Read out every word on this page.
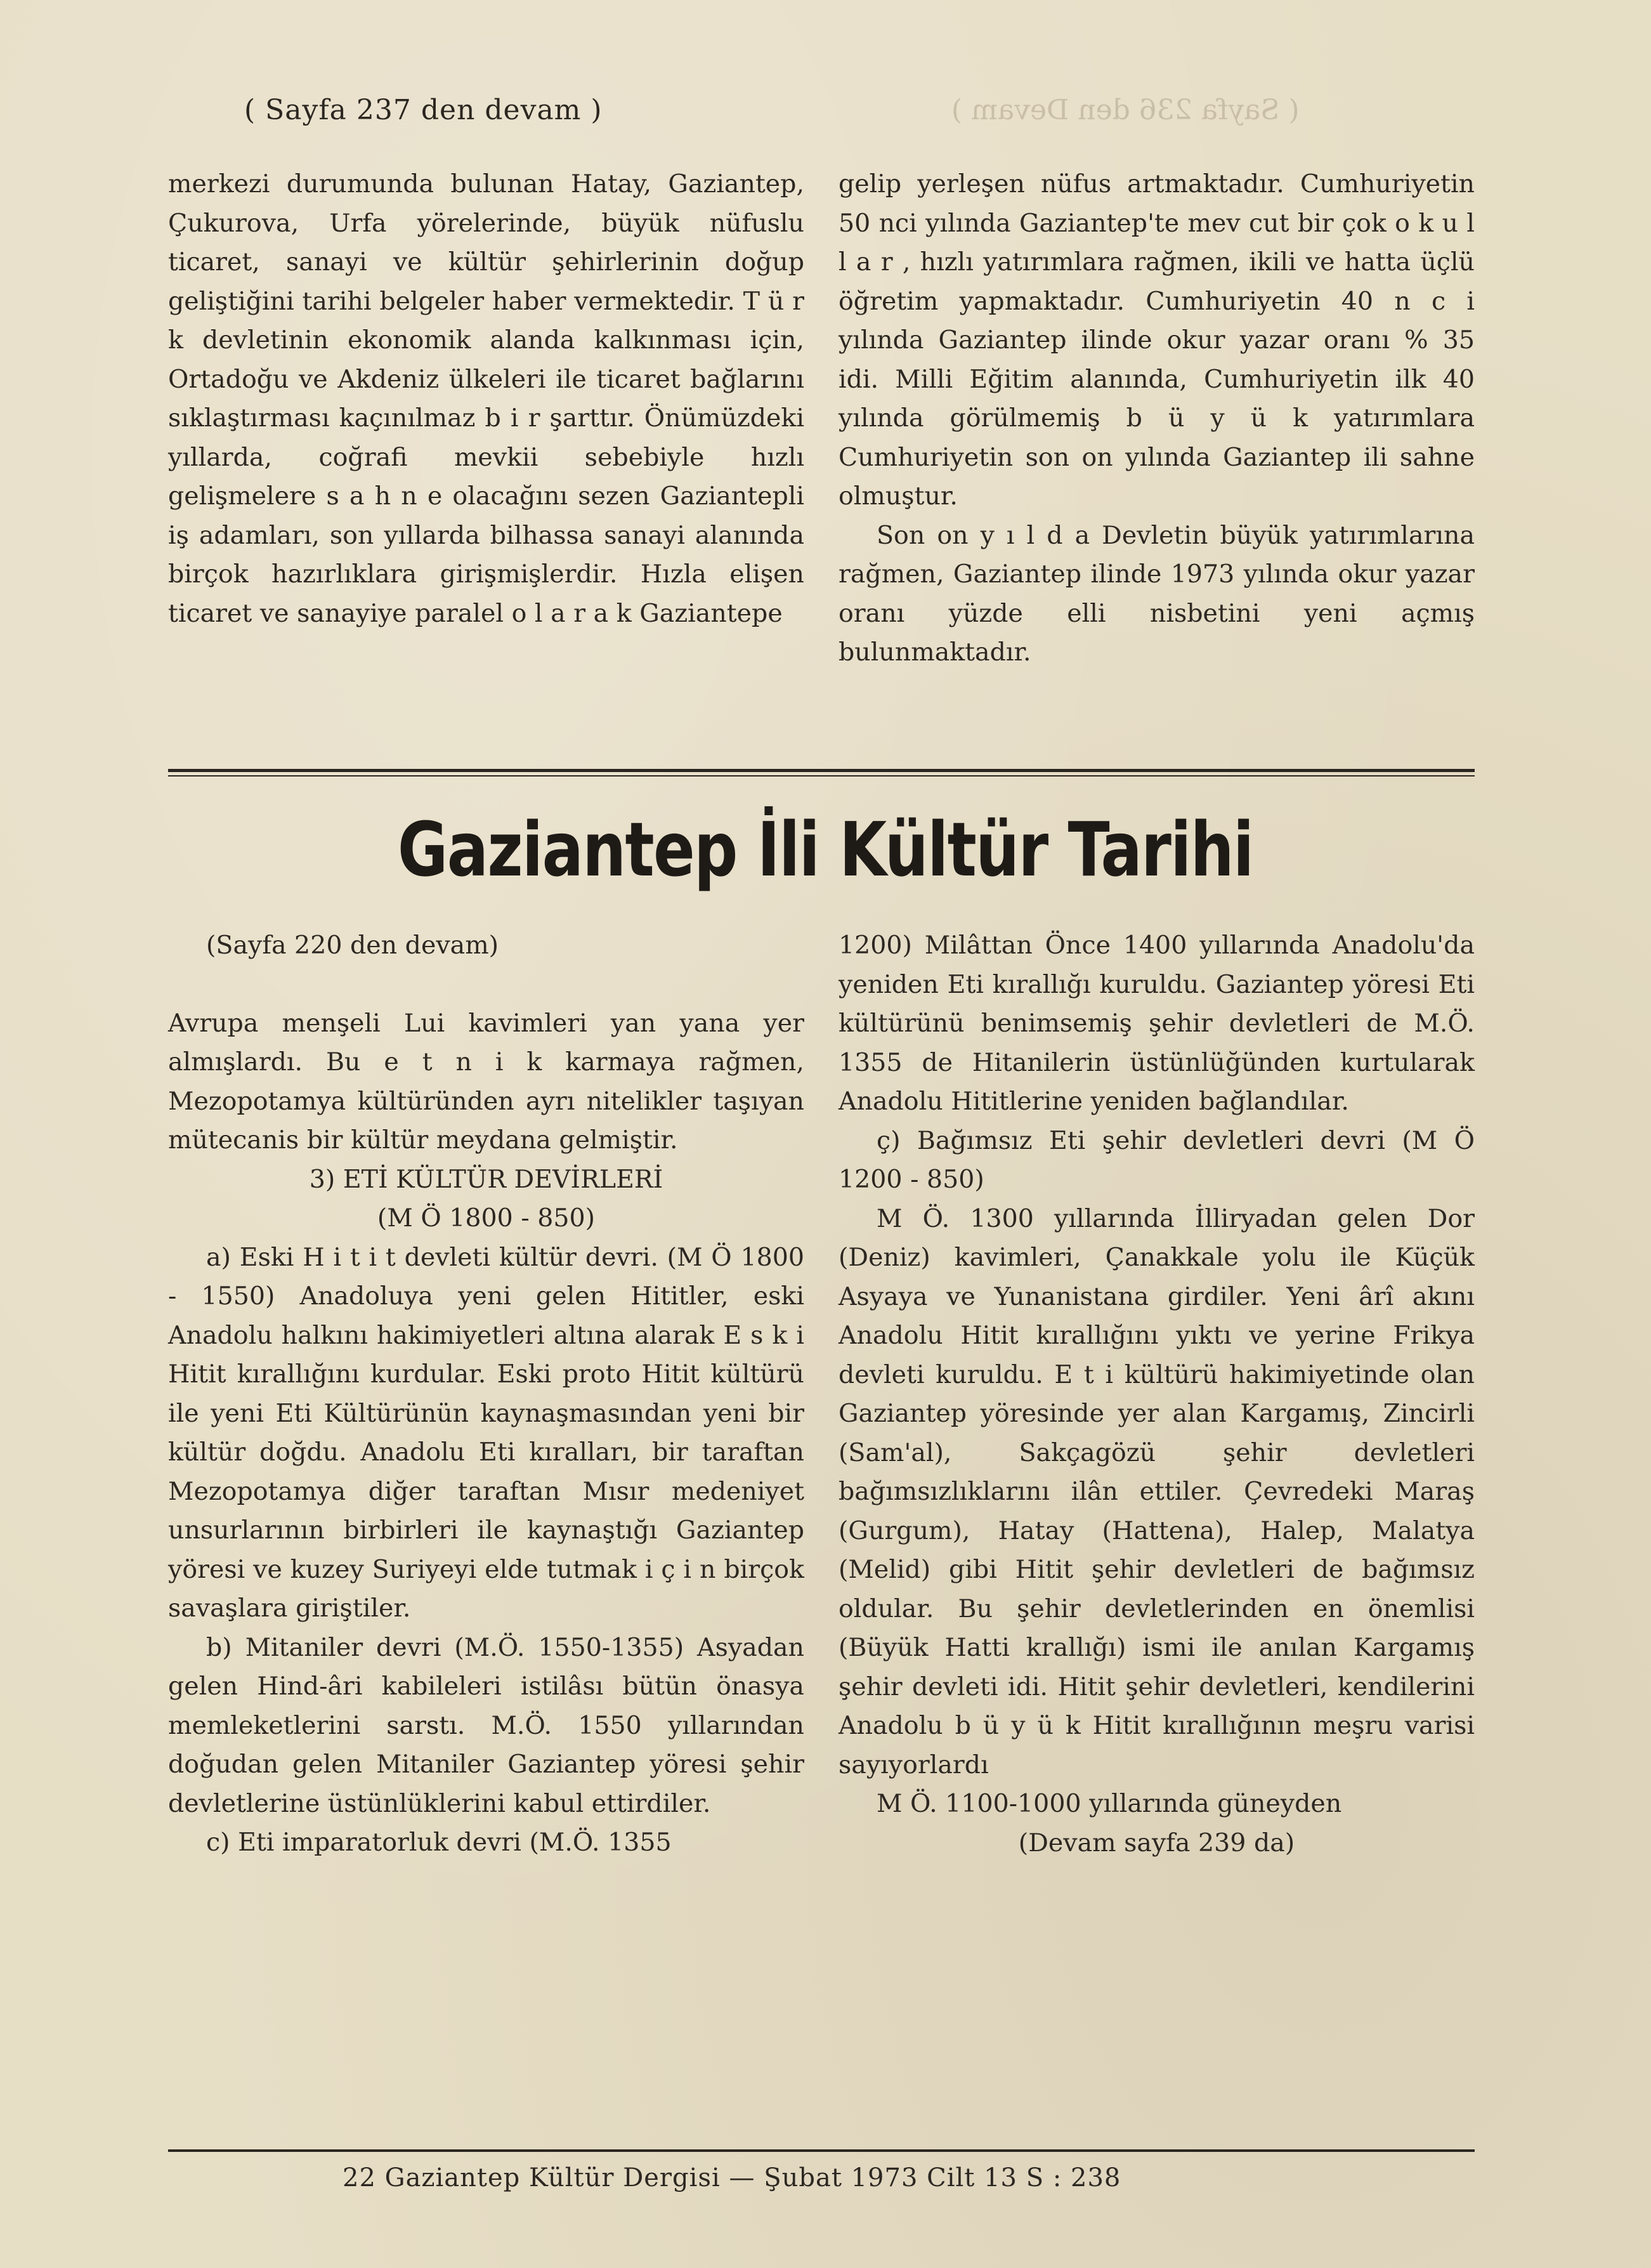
( Sayfa 237 den devam )	( Sayfa 236 den Devam )

merkezi durumunda bulunan Hatay, Gaziantep, Çukurova, Urfa yörelerinde, büyük nüfuslu ticaret, sanayi ve kültür şehirlerinin doğup geliştiğini tarihi belgeler haber vermektedir. T ü r k devletinin ekonomik alanda kalkınması için, Ortadoğu ve Akdeniz ülkeleri ile ticaret bağlarını sıklaştırması kaçınılmaz b i r şarttır. Önümüzdeki yıllarda, coğrafi mevkii sebebiyle hızlı gelişmelere s a h n e olacağını sezen Gaziantepli iş adamları, son yıllarda bilhassa sanayi alanında birçok hazırlıklara girişmişlerdir. Hızla elişen ticaret ve sanayiye paralel o l a r a k Gaziantepe

gelip yerleşen nüfus artmaktadır. Cumhuriyetin 50 nci yılında Gaziantep'te mev cut bir çok o k u l l a r , hızlı yatırımlara rağmen, ikili ve hatta üçlü öğretim yapmaktadır. Cumhuriyetin 40 n c i yılında Gaziantep ilinde okur yazar oranı % 35 idi. Milli Eğitim alanında, Cumhuriyetin ilk 40 yılında görülmemiş b ü y ü k yatırımlara Cumhuriyetin son on yılında Gaziantep ili sahne olmuştur.

Son on y ı l d a Devletin büyük yatırımlarına rağmen, Gaziantep ilinde 1973 yılında okur yazar oranı yüzde elli nisbetini yeni açmış bulunmaktadır.

Gaziantep İli Kültür Tarihi

(Sayfa 220 den devam)

Avrupa menşeli Lui kavimleri yan yana yer almışlardı. Bu e t n i k karmaya rağmen, Mezopotamya kültüründen ayrı nitelikler taşıyan mütecanis bir kültür meydana gelmiştir.

3) ETİ KÜLTÜR DEVİRLERİ

(M Ö 1800 - 850)

a) Eski H i t i t devleti kültür devri. (M Ö 1800 - 1550) Anadoluya yeni gelen Hititler, eski Anadolu halkını hakimiyetleri altına alarak E s k i Hitit kırallığını kurdular. Eski proto Hitit kültürü ile yeni Eti Kültürünün kaynaşmasından yeni bir kültür doğdu. Anadolu Eti kıralları, bir taraftan Mezopotamya diğer taraftan Mısır medeniyet unsurlarının birbirleri ile kaynaştığı Gaziantep yöresi ve kuzey Suriyeyi elde tutmak i ç i n birçok savaşlara giriştiler.

b) Mitaniler devri (M.Ö. 1550-1355) Asyadan gelen Hind-âri kabileleri istilâsı bütün önasya memleketlerini sarstı. M.Ö. 1550 yıllarından doğudan gelen Mitaniler Gaziantep yöresi şehir devletlerine üstünlüklerini kabul ettirdiler.

c) Eti imparatorluk devri (M.Ö. 1355

1200) Milâttan Önce 1400 yıllarında Anadolu'da yeniden Eti kırallığı kuruldu. Gaziantep yöresi Eti kültürünü benimsemiş şehir devletleri de M.Ö. 1355 de Hitanilerin üstünlüğünden kurtularak Anadolu Hititlerine yeniden bağlandılar.

ç) Bağımsız Eti şehir devletleri devri (M Ö 1200 - 850)

M Ö. 1300 yıllarında İlliryadan gelen Dor (Deniz) kavimleri, Çanakkale yolu ile Küçük Asyaya ve Yunanistana girdiler. Yeni ârî akını Anadolu Hitit kırallığını yıktı ve yerine Frikya devleti kuruldu. E t i kültürü hakimiyetinde olan Gaziantep yöresinde yer alan Kargamış, Zincirli (Sam'al), Sakçagözü şehir devletleri bağımsızlıklarını ilân ettiler. Çevredeki Maraş (Gurgum), Hatay (Hattena), Halep, Malatya (Melid) gibi Hitit şehir devletleri de bağımsız oldular. Bu şehir devletlerinden en önemlisi (Büyük Hatti krallığı) ismi ile anılan Kargamış şehir devleti idi. Hitit şehir devletleri, kendilerini Anadolu b ü y ü k Hitit kırallığının meşru varisi sayıyorlardı

M Ö. 1100-1000 yıllarında güneyden

(Devam sayfa 239 da)

22 Gaziantep Kültür Dergisi — Şubat 1973 Cilt 13 S : 238
